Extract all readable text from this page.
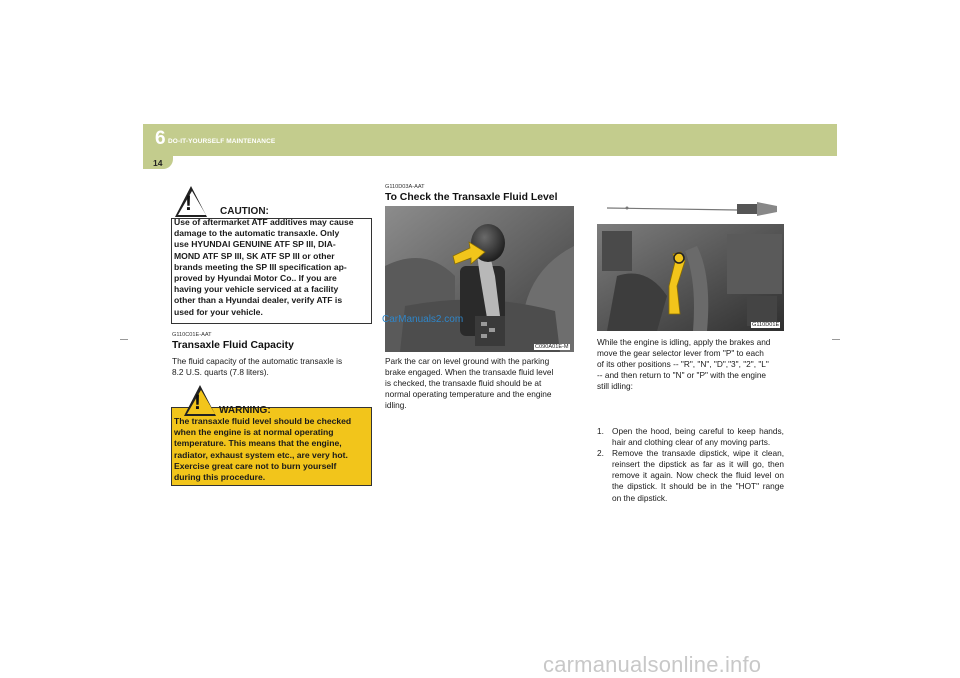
6 DO-IT-YOURSELF MAINTENANCE
14
!	CAUTION:
Use of aftermarket ATF additives may cause
damage to the automatic transaxle. Only
use HYUNDAI GENUINE ATF SP III, DIA-
MOND ATF SP III, SK ATF SP III or other
brands meeting the SP III specification ap-
proved by Hyundai Motor Co.. If you are
having your vehicle serviced at a facility
other than a Hyundai dealer, verify ATF is
used for your vehicle.
G110C01E-AAT
Transaxle Fluid Capacity
The fluid capacity of the automatic transaxle is
8.2 U.S. quarts (7.8 liters).
! WARNING:
The transaxle fluid level should be checked
when the engine is at normal operating
temperature. This means that the engine,
radiator, exhaust system etc., are very hot.
Exercise great care not to burn yourself
during this procedure.
G110D03A-AAT
To Check the Transaxle Fluid Level
C090A01E-M
CarManuals2.com
Park the car on level ground with the parking
brake engaged. When the transaxle fluid level
is checked, the transaxle fluid should be at
normal operating temperature and the engine
idling.
G110D01E
While the engine is idling, apply the brakes and
move the gear selector lever from "P" to each
of its other positions -- "R", "N", "D","3", "2", "L"
-- and then return to "N" or "P" with the engine
still idling:
1. Open the hood, being careful to keep hands, hair and clothing clear of any moving parts.
2. Remove the transaxle dipstick, wipe it clean, reinsert the dipstick as far as it will go, then remove it again. Now check the fluid level on the dipstick. It should be in the "HOT" range on the dipstick.
carmanualsonline.info
